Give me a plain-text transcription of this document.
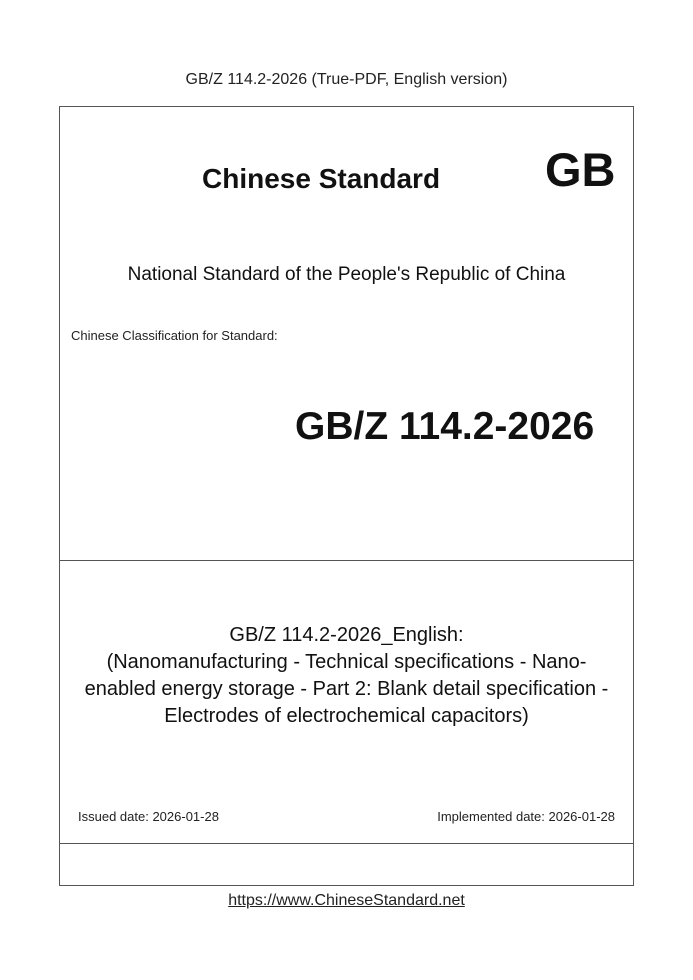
GB/Z 114.2-2026 (True-PDF, English version)
Chinese Standard GB
National Standard of the People's Republic of China
Chinese Classification for Standard:
GB/Z 114.2-2026
GB/Z 114.2-2026_English:
(Nanomanufacturing - Technical specifications - Nano-
enabled energy storage - Part 2: Blank detail specification -
Electrodes of electrochemical capacitors)
Issued date: 2026-01-28	Implemented date: 2026-01-28
https://www.ChineseStandard.net
